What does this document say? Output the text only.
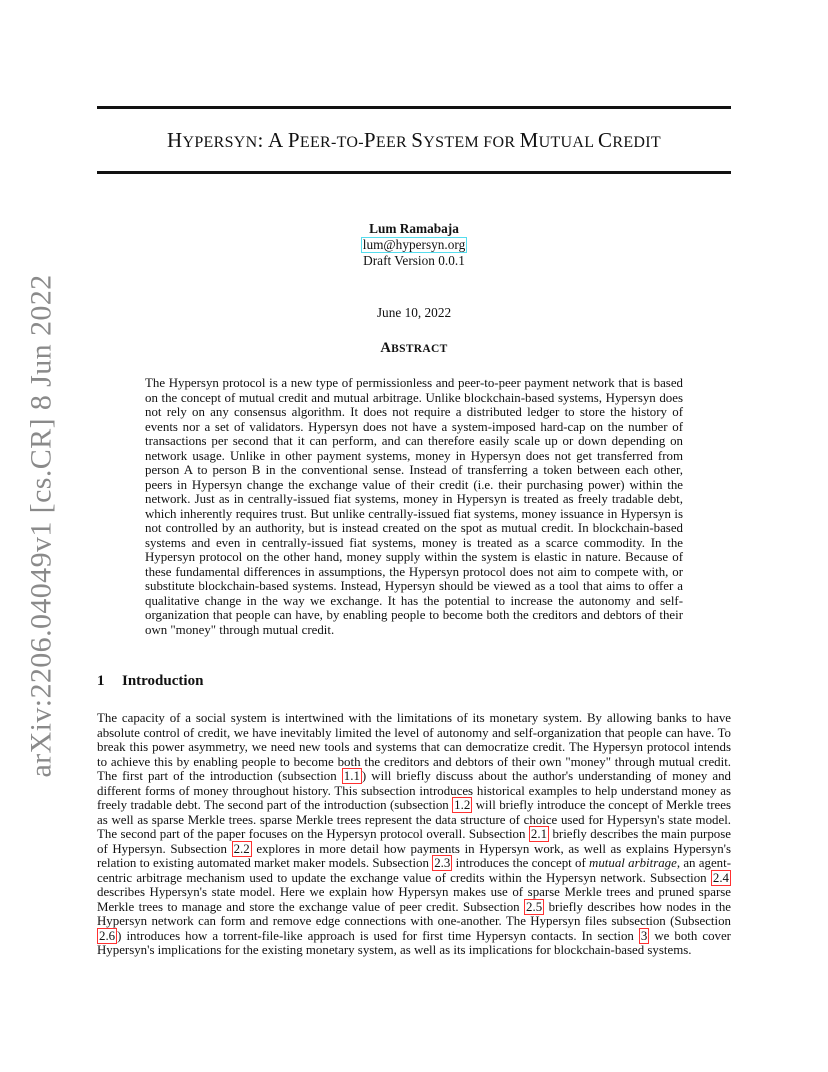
arXiv:2206.04049v1 [cs.CR] 8 Jun 2022
HYPERSYN: A PEER-TO-PEER SYSTEM FOR MUTUAL CREDIT
Lum Ramabaja
lum@hypersyn.org
Draft Version 0.0.1
June 10, 2022
ABSTRACT

The Hypersyn protocol is a new type of permissionless and peer-to-peer payment network that is based on the concept of mutual credit and mutual arbitrage. Unlike blockchain-based systems, Hypersyn does not rely on any consensus algorithm. It does not require a distributed ledger to store the history of events nor a set of validators. Hypersyn does not have a system-imposed hard-cap on the number of transactions per second that it can perform, and can therefore easily scale up or down depending on network usage. Unlike in other payment systems, money in Hypersyn does not get transferred from person A to person B in the conventional sense. Instead of transferring a token between each other, peers in Hypersyn change the exchange value of their credit (i.e. their purchasing power) within the network. Just as in centrally-issued fiat systems, money in Hypersyn is treated as freely tradable debt, which inherently requires trust. But unlike centrally-issued fiat systems, money issuance in Hypersyn is not controlled by an authority, but is instead created on the spot as mutual credit. In blockchain-based systems and even in centrally-issued fiat systems, money is treated as a scarce commodity. In the Hypersyn protocol on the other hand, money supply within the system is elastic in nature. Because of these fundamental differences in assumptions, the Hypersyn protocol does not aim to compete with, or substitute blockchain-based systems. Instead, Hypersyn should be viewed as a tool that aims to offer a qualitative change in the way we exchange. It has the potential to increase the autonomy and self-organization that people can have, by enabling people to become both the creditors and debtors of their own "money" through mutual credit.

1 Introduction

The capacity of a social system is intertwined with the limitations of its monetary system. By allowing banks to have absolute control of credit, we have inevitably limited the level of autonomy and self-organization that people can have. To break this power asymmetry, we need new tools and systems that can democratize credit. The Hypersyn protocol intends to achieve this by enabling people to become both the creditors and debtors of their own "money" through mutual credit. The first part of the introduction (subsection 1.1 ) will briefly discuss about the author's understanding of money and different forms of money throughout history. This subsection introduces historical examples to help understand money as freely tradable debt. The second part of the introduction (subsection 1.2 will briefly introduce the concept of Merkle trees as well as sparse Merkle trees. sparse Merkle trees represent the data structure of choice used for Hypersyn's state model. The second part of the paper focuses on the Hypersyn protocol overall. Subsection 2.1 briefly describes the main purpose of Hypersyn. Subsection 2.2 explores in more detail how payments in Hypersyn work, as well as explains Hypersyn's relation to existing automated market maker models. Subsection 2.3 introduces the concept of mutual arbitrage, an agent-centric arbitrage mechanism used to update the exchange value of credits within the Hypersyn network. Subsection 2.4 describes Hypersyn's state model. Here we explain how Hypersyn makes use of sparse Merkle trees and pruned sparse Merkle trees to manage and store the exchange value of peer credit. Subsection 2.5 briefly describes how nodes in the Hypersyn network can form and remove edge connections with one-another. The Hypersyn files subsection (Subsection 2.6 ) introduces how a torrent-file-like approach is used for first time Hypersyn contacts. In section 3 we both cover Hypersyn's implications for the existing monetary system, as well as its implications for blockchain-based systems.
